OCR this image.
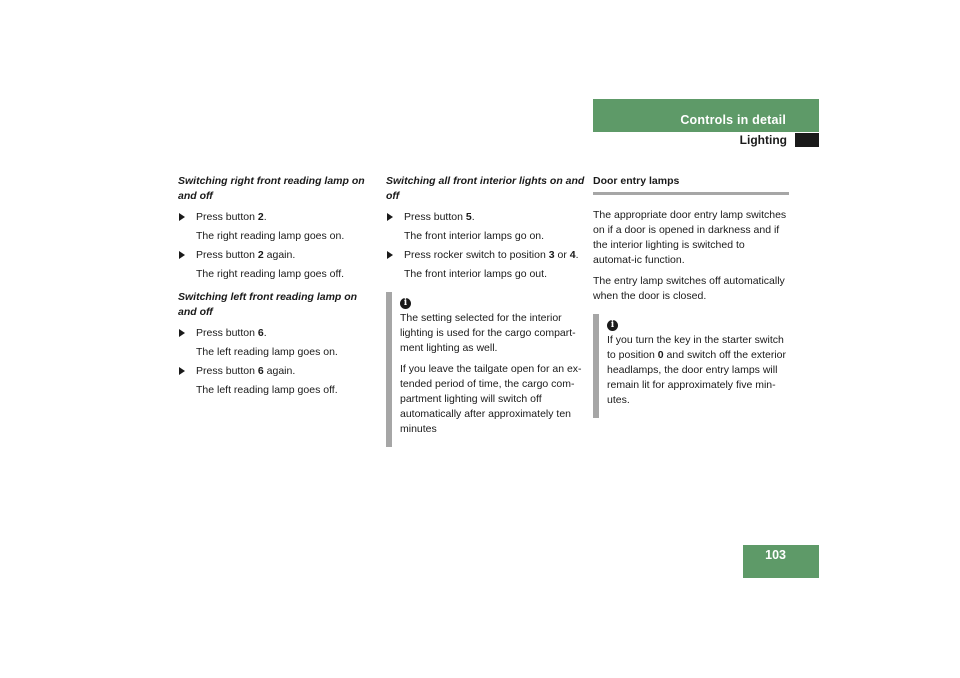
Controls in detail
Lighting
Switching right front reading lamp on and off
Press button 2.
The right reading lamp goes on.
Press button 2 again.
The right reading lamp goes off.
Switching left front reading lamp on and off
Press button 6.
The left reading lamp goes on.
Press button 6 again.
The left reading lamp goes off.
Switching all front interior lights on and off
Press button 5.
The front interior lamps go on.
Press rocker switch to position 3 or 4.
The front interior lamps go out.
i

The setting selected for the interior lighting is used for the cargo compart-ment lighting as well.

If you leave the tailgate open for an ex-tended period of time, the cargo com-partment lighting will switch off automatically after approximately ten minutes

Door entry lamps

The appropriate door entry lamp switches on if a door is opened in darkness and if the interior lighting is switched to automat-ic function.

The entry lamp switches off automatically when the door is closed.

i

If you turn the key in the starter switch to position 0 and switch off the exterior headlamps, the door entry lamps will remain lit for approximately five min-utes.

103
